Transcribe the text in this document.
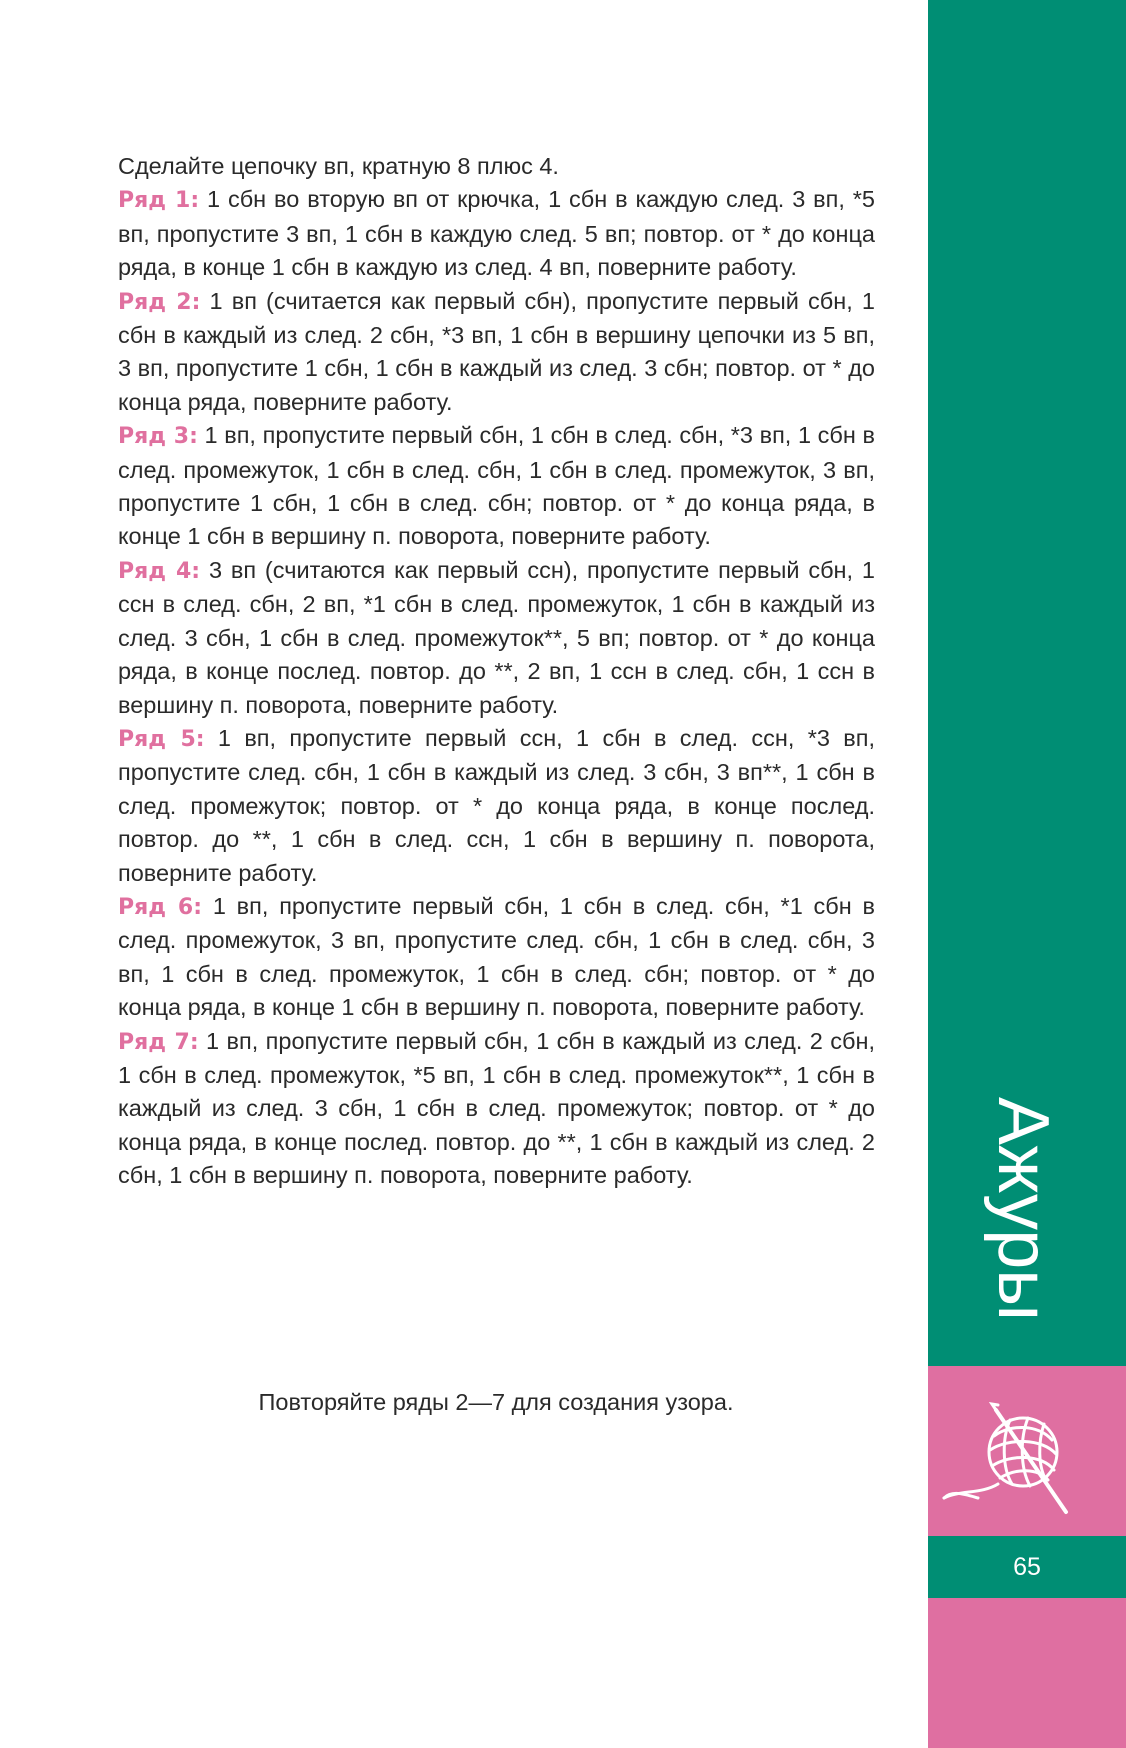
Сделайте цепочку вп, кратную 8 плюс 4.

Ряд 1: 1 сбн во вторую вп от крючка, 1 сбн в каждую след. 3 вп, *5 вп, пропустите 3 вп, 1 сбн в каждую след. 5 вп; повтор. от * до конца ряда, в конце 1 сбн в каждую из след. 4 вп, поверните работу.

Ряд 2: 1 вп (считается как первый сбн), пропустите первый сбн, 1 сбн в каждый из след. 2 сбн, *3 вп, 1 сбн в вершину цепочки из 5 вп, 3 вп, пропустите 1 сбн, 1 сбн в каждый из след. 3 сбн; повтор. от * до конца ряда, поверните работу.

Ряд 3: 1 вп, пропустите первый сбн, 1 сбн в след. сбн, *3 вп, 1 сбн в след. промежуток, 1 сбн в след. сбн, 1 сбн в след. промежуток, 3 вп, пропустите 1 сбн, 1 сбн в след. сбн; повтор. от * до конца ряда, в конце 1 сбн в вершину п. поворота, поверните работу.

Ряд 4: 3 вп (считаются как первый ссн), пропустите первый сбн, 1 ссн в след. сбн, 2 вп, *1 сбн в след. промежуток, 1 сбн в каждый из след. 3 сбн, 1 сбн в след. промежуток**, 5 вп; повтор. от * до конца ряда, в конце послед. повтор. до **, 2 вп, 1 ссн в след. сбн, 1 ссн в вершину п. поворота, поверните работу.

Ряд 5: 1 вп, пропустите первый ссн, 1 сбн в след. ссн, *3 вп, пропустите след. сбн, 1 сбн в каждый из след. 3 сбн, 3 вп**, 1 сбн в след. промежуток; повтор. от * до конца ряда, в конце послед. повтор. до **, 1 сбн в след. ссн, 1 сбн в вершину п. поворота, поверните работу.

Ряд 6: 1 вп, пропустите первый сбн, 1 сбн в след. сбн, *1 сбн в след. промежуток, 3 вп, пропустите след. сбн, 1 сбн в след. сбн, 3 вп, 1 сбн в след. промежуток, 1 сбн в след. сбн; повтор. от * до конца ряда, в конце 1 сбн в вершину п. поворота, поверните работу.

Ряд 7: 1 вп, пропустите первый сбн, 1 сбн в каждый из след. 2 сбн, 1 сбн в след. промежуток, *5 вп, 1 сбн в след. промежуток**, 1 сбн в каждый из след. 3 сбн, 1 сбн в след. промежуток; повтор. от * до конца ряда, в конце послед. повтор. до **, 1 сбн в каждый из след. 2 сбн, 1 сбн в вершину п. поворота, поверните работу.

Повторяйте ряды 2—7 для создания узора.
Ажуры
65
